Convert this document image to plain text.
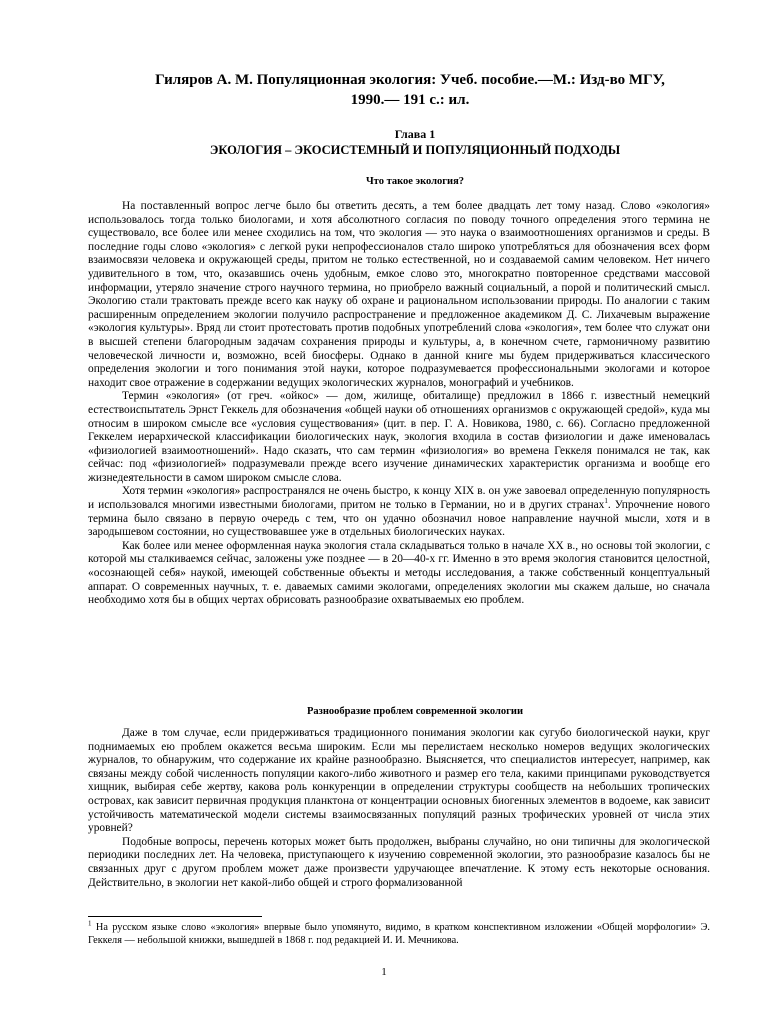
Гиляров А. М. Популяционная экология: Учеб. пособие.—М.: Изд-во МГУ,
1990.— 191 с.: ил.
Глава 1
ЭКОЛОГИЯ – ЭКОСИСТЕМНЫЙ И ПОПУЛЯЦИОННЫЙ ПОДХОДЫ
Что такое экология?

На поставленный вопрос легче было бы ответить десять, а тем более двадцать лет тому назад. Слово «экология» использовалось тогда только биологами, и хотя абсолютного согласия по поводу точного определения этого термина не существовало, все более или менее сходились на том, что экология — это наука о взаимоотношениях организмов и среды. В последние годы слово «экология» с легкой руки непрофессионалов стало широко употребляться для обозначения всех форм взаимосвязи человека и окружающей среды, притом не только естественной, но и создаваемой самим человеком. Нет ничего удивительного в том, что, оказавшись очень удобным, емкое слово это, многократно повторенное средствами массовой информации, утеряло значение строго научного термина, но приобрело важный социальный, а порой и политический смысл. Экологию стали трактовать прежде всего как науку об охране и рациональном использовании природы. По аналогии с таким расширенным определением экологии получило распространение и предложенное академиком Д. С. Лихачевым выражение «экология культуры». Вряд ли стоит протестовать против подобных употреблений слова «экология», тем более что служат они в высшей степени благородным задачам сохранения природы и культуры, а, в конечном счете, гармоничному развитию человеческой личности и, возможно, всей биосферы. Однако в данной книге мы будем придерживаться классического определения экологии и того понимания этой науки, которое подразумевается профессиональными экологами и которое находит свое отражение в содержании ведущих экологических журналов, монографий и учебников.

Термин «экология» (от греч. «ойкос» — дом, жилище, обиталище) предложил в 1866 г. известный немецкий естествоиспытатель Эрнст Геккель для обозначения «общей науки об отношениях организмов с окружающей средой», куда мы относим в широком смысле все «условия существования» (цит. в пер. Г. А. Новикова, 1980, с. 66). Согласно предложенной Геккелем иерархической классификации биологических наук, экология входила в состав физиологии и даже именовалась «физиологией взаимоотношений». Надо сказать, что сам термин «физиология» во времена Геккеля понимался не так, как сейчас: под «физиологией» подразумевали прежде всего изучение динамических характеристик организма и вообще его жизнедеятельности в самом широком смысле слова.

Хотя термин «экология» распространялся не очень быстро, к концу XIX в. он уже завоевал определенную популярность и использовался многими известными биологами, притом не только в Германии, но и в других странах$^1$. Упрочнение нового термина было связано в первую очередь с тем, что он удачно обозначил новое направление научной мысли, хотя и в зародышевом состоянии, но существовавшее уже в отдельных биологических науках.

Как более или менее оформленная наука экология стала складываться только в начале XX в., но основы той экологии, с которой мы сталкиваемся сейчас, заложены уже позднее — в 20—40-х гг. Именно в это время экология становится целостной, «осознающей себя» наукой, имеющей собственные объекты и методы исследования, а также собственный концептуальный аппарат. О современных научных, т. е. даваемых самими экологами, определениях экологии мы скажем дальше, но сначала необходимо хотя бы в общих чертах обрисовать разнообразие охватываемых ею проблем.

Разнообразие проблем современной экологии

Даже в том случае, если придерживаться традиционного понимания экологии как сугубо биологической науки, круг поднимаемых ею проблем окажется весьма широким. Если мы перелистаем несколько номеров ведущих экологических журналов, то обнаружим, что содержание их крайне разнообразно. Выясняется, что специалистов интересует, например, как связаны между собой численность популяции какого-либо животного и размер его тела, какими принципами руководствуется хищник, выбирая себе жертву, какова роль конкуренции в определении структуры сообществ на небольших тропических островах, как зависит первичная продукция планктона от концентрации основных биогенных элементов в водоеме, как зависит устойчивость математической модели системы взаимосвязанных популяций разных трофических уровней от числа этих уровней?

Подобные вопросы, перечень которых может быть продолжен, выбраны случайно, но они типичны для экологической периодики последних лет. На человека, приступающего к изучению современной экологии, это разнообразие казалось бы не связанных друг с другом проблем может даже произвести удручающее впечатление. К этому есть некоторые основания. Действительно, в экологии нет какой-либо общей и строго формализованной

$^1$ На русском языке слово «экология» впервые было упомянуто, видимо, в кратком конспективном изложении «Общей морфологии» Э. Геккеля — небольшой книжки, вышедшей в 1868 г. под редакцией И. И. Мечникова.
1
